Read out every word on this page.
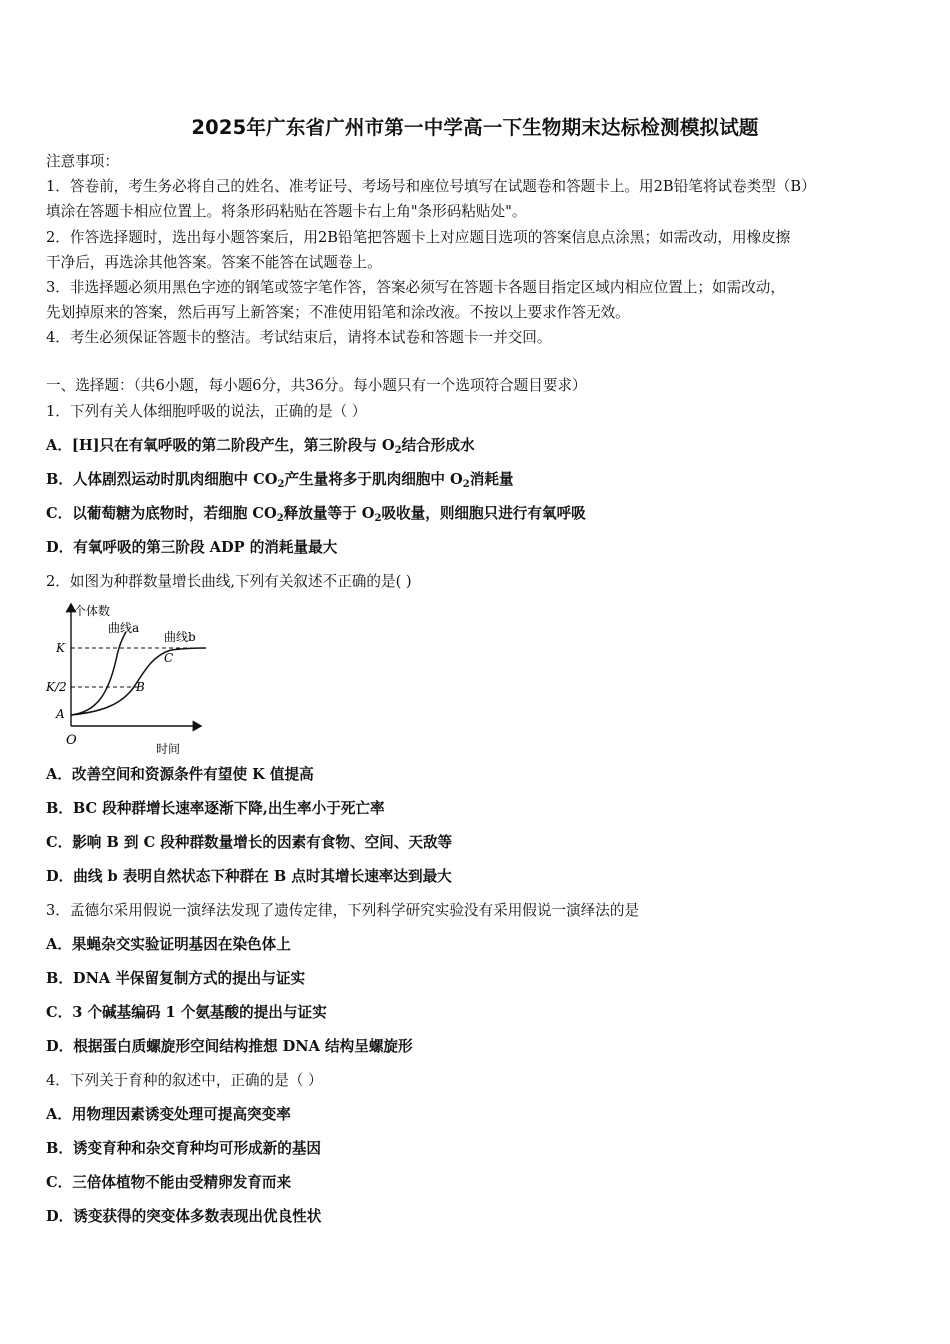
2025年广东省广州市第一中学高一下生物期末达标检测模拟试题
注意事项：
1．答卷前，考生务必将自己的姓名、准考证号、考场号和座位号填写在试题卷和答题卡上。用2B铅笔将试卷类型（B）
填涂在答题卡相应位置上。将条形码粘贴在答题卡右上角"条形码粘贴处"。
2．作答选择题时，选出每小题答案后，用2B铅笔把答题卡上对应题目选项的答案信息点涂黑；如需改动，用橡皮擦
干净后，再选涂其他答案。答案不能答在试题卷上。
3．非选择题必须用黑色字迹的钢笔或签字笔作答，答案必须写在答题卡各题目指定区域内相应位置上；如需改动，
先划掉原来的答案，然后再写上新答案；不准使用铅笔和涂改液。不按以上要求作答无效。
4．考生必须保证答题卡的整洁。考试结束后，请将本试卷和答题卡一并交回。
一、选择题：（共6小题，每小题6分，共36分。每小题只有一个选项符合题目要求）
1．下列有关人体细胞呼吸的说法，正确的是（ ）
A．[H]只在有氧呼吸的第二阶段产生，第三阶段与 $O_2$结合形成水
B．人体剧烈运动时肌肉细胞中 $CO_2$产生量将多于肌肉细胞中 $O_2$消耗量
C．以葡萄糖为底物时，若细胞 $CO_2$释放量等于 $O_2$吸收量，则细胞只进行有氧呼吸
D．有氧呼吸的第三阶段 ADP 的消耗量最大
2．如图为种群数量增长曲线,下列有关叙述不正确的是( )
个体数
时间
O
K
K/2
A
B
C
曲线a
曲线b
A．改善空间和资源条件有望使 K 值提高
B．BC 段种群增长速率逐渐下降,出生率小于死亡率
C．影响 B 到 C 段种群数量增长的因素有食物、空间、天敌等
D．曲线 b 表明自然状态下种群在 B 点时其增长速率达到最大
3．孟德尔采用假说一演绎法发现了遗传定律，下列科学研究实验没有采用假说一演绎法的是
A．果蝇杂交实验证明基因在染色体上
B．DNA 半保留复制方式的提出与证实
C．3 个碱基编码 1 个氨基酸的提出与证实
D．根据蛋白质螺旋形空间结构推想 DNA 结构呈螺旋形
4．下列关于育种的叙述中，正确的是（ ）
A．用物理因素诱变处理可提高突变率
B．诱变育种和杂交育种均可形成新的基因
C．三倍体植物不能由受精卵发育而来
D．诱变获得的突变体多数表现出优良性状
